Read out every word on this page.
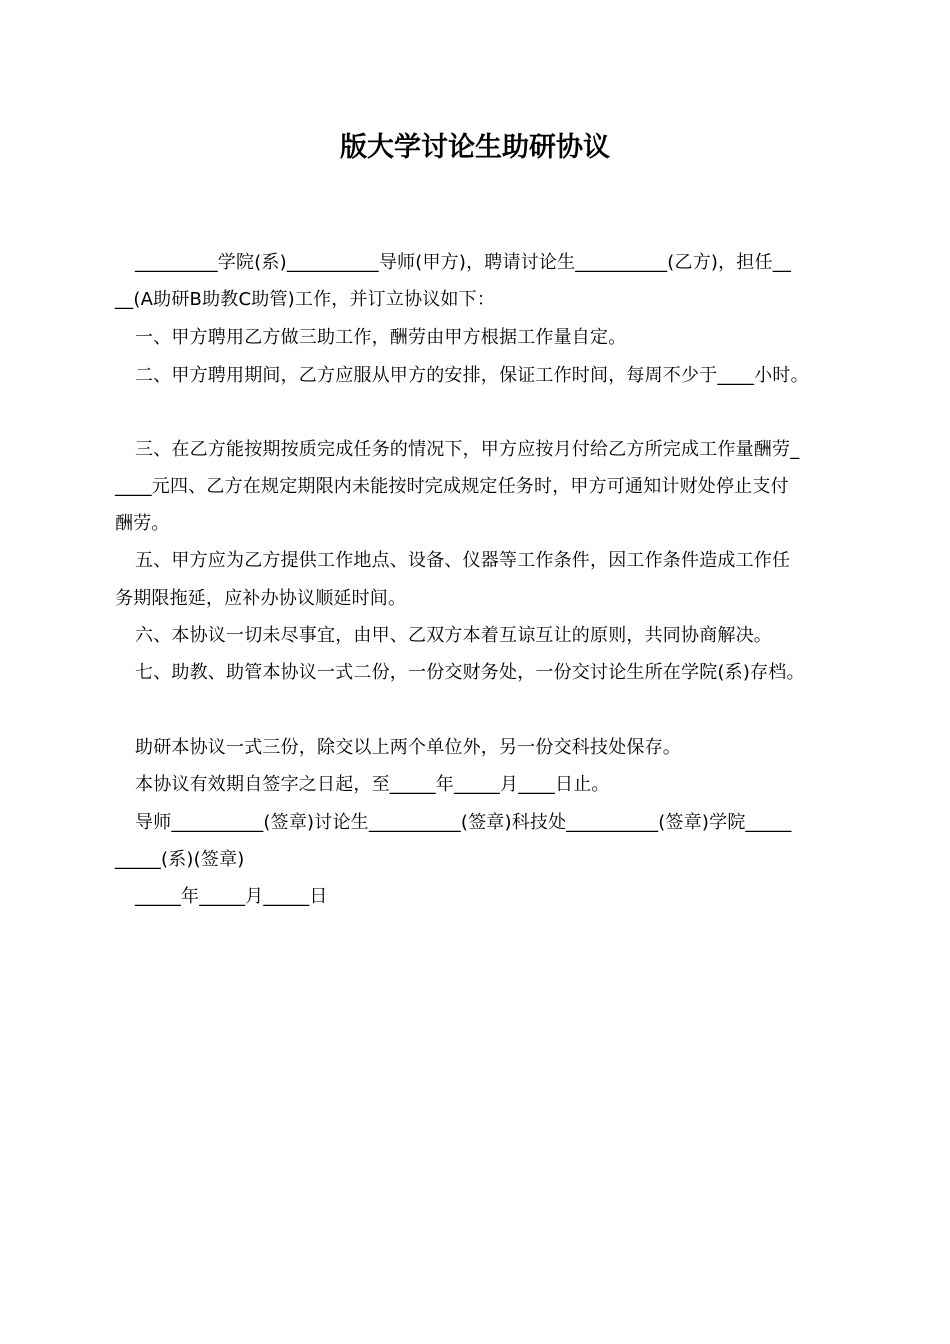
版大学讨论生助研协议
_________学院(系)__________导师(甲方)，聘请讨论生__________(乙方)，担任__
__(A助研B助教C助管)工作，并订立协议如下：
一、甲方聘用乙方做三助工作，酬劳由甲方根据工作量自定。
二、甲方聘用期间，乙方应服从甲方的安排，保证工作时间，每周不少于____小时。
三、在乙方能按期按质完成任务的情况下，甲方应按月付给乙方所完成工作量酬劳_
____元四、乙方在规定期限内未能按时完成规定任务时，甲方可通知计财处停止支付
酬劳。
五、甲方应为乙方提供工作地点、设备、仪器等工作条件，因工作条件造成工作任
务期限拖延，应补办协议顺延时间。
六、本协议一切未尽事宜，由甲、乙双方本着互谅互让的原则，共同协商解决。
七、助教、助管本协议一式二份，一份交财务处，一份交讨论生所在学院(系)存档。
助研本协议一式三份，除交以上两个单位外，另一份交科技处保存。
本协议有效期自签字之日起，至_____年_____月____日止。
导师__________(签章)讨论生__________(签章)科技处__________(签章)学院_____
_____(系)(签章)
_____年_____月_____日
